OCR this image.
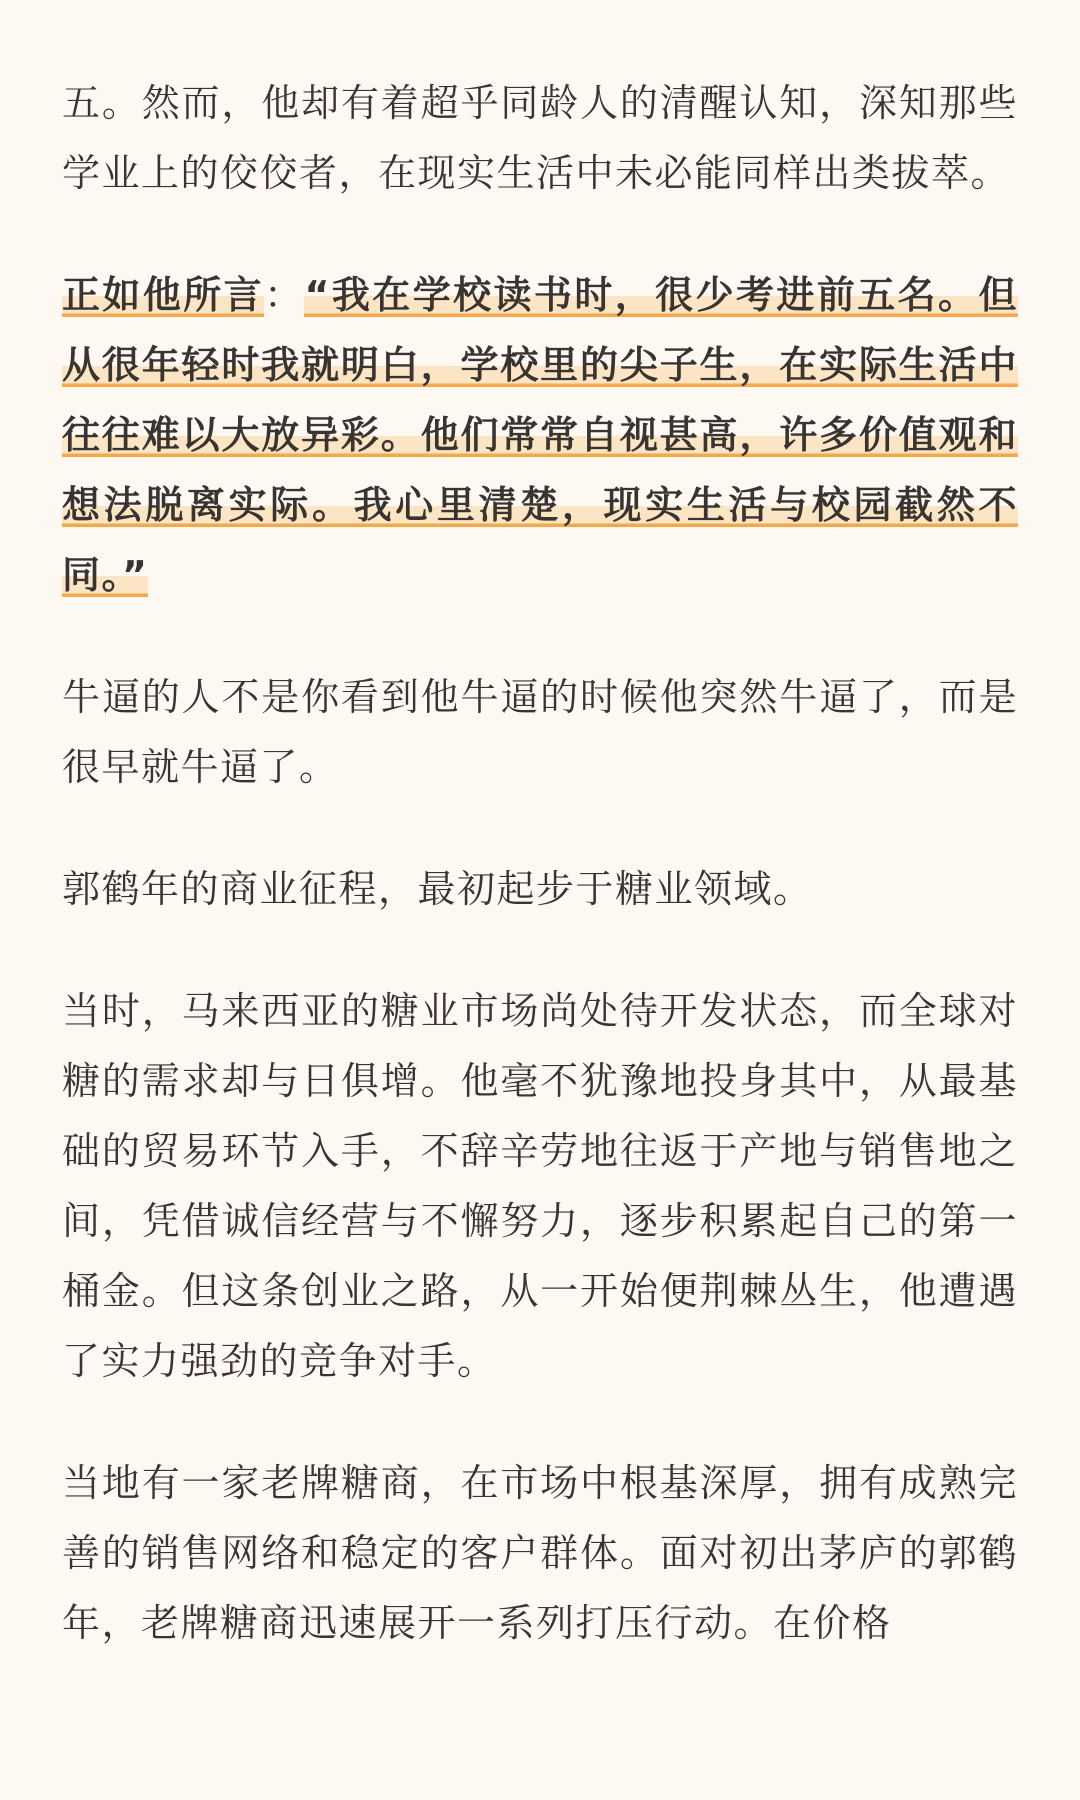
五。然而，他却有着超乎同龄人的清醒认知，深知那些学业上的佼佼者，在现实生活中未必能同样出类拔萃。

正如他所言：“我在学校读书时，很少考进前五名。但从很年轻时我就明白，学校里的尖子生，在实际生活中往往难以大放异彩。他们常常自视甚高，许多价值观和想法脱离实际。我心里清楚，现实生活与校园截然不同。”

牛逼的人不是你看到他牛逼的时候他突然牛逼了，而是很早就牛逼了。

郭鹤年的商业征程，最初起步于糖业领域。

当时，马来西亚的糖业市场尚处待开发状态，而全球对糖的需求却与日俱增。他毫不犹豫地投身其中，从最基础的贸易环节入手，不辞辛劳地往返于产地与销售地之间，凭借诚信经营与不懈努力，逐步积累起自己的第一桶金。但这条创业之路，从一开始便荆棘丛生，他遭遇了实力强劲的竞争对手。

当地有一家老牌糖商，在市场中根基深厚，拥有成熟完善的销售网络和稳定的客户群体。面对初出茅庐的郭鹤年，老牌糖商迅速展开一系列打压行动。在价格
